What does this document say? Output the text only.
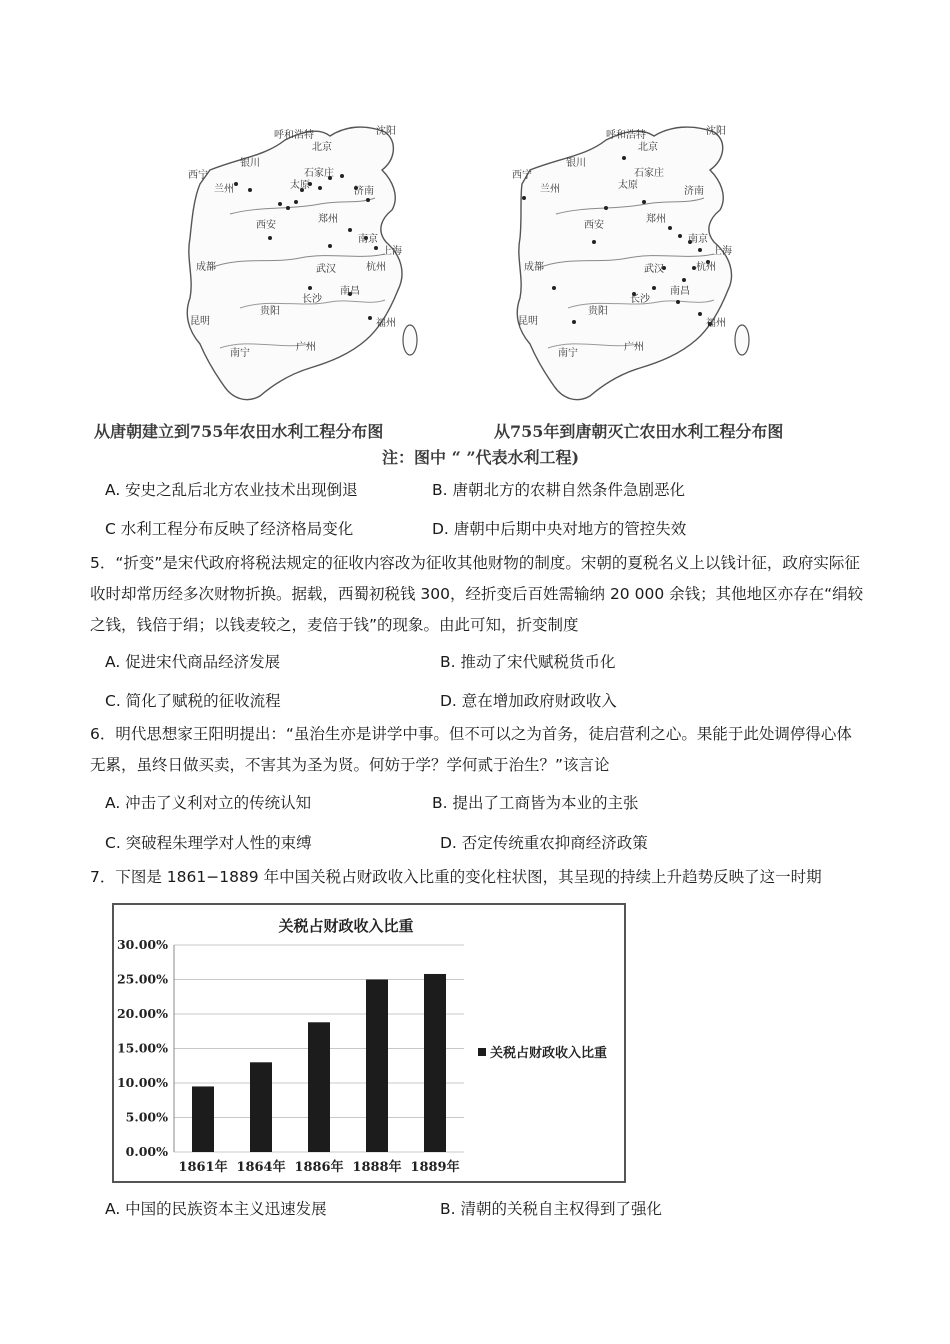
呼和浩特
北京
沈阳
银川
石家庄
太原
济南
兰州
西宁
西安
郑州
成都	武汉
南京
上海
杭州
长沙
南昌
贵阳
福州
昆明
南宁
广州
呼和浩特
北京
沈阳
银川
石家庄
太原
济南
兰州
西宁
西安
郑州
成都	武汉
南京
上海
杭州
长沙
南昌
贵阳
福州
昆明
南宁
广州
从唐朝建立到755年农田水利工程分布图	从755年到唐朝灭亡农田水利工程分布图
注：图中 “ ”代表水利工程)
A. 安史之乱后北方农业技术出现倒退	B. 唐朝北方的农耕自然条件急剧恶化
C 水利工程分布反映了经济格局变化	D. 唐朝中后期中央对地方的管控失效
5．“折变”是宋代政府将税法规定的征收内容改为征收其他财物的制度。宋朝的夏税名义上以钱计征，政府实际征收时却常历经多次财物折换。据载，西蜀初税钱 300，经折变后百姓需输纳 20 000 余钱；其他地区亦存在“绢较之钱，钱倍于绢；以钱麦较之，麦倍于钱”的现象。由此可知，折变制度
A. 促进宋代商品经济发展	B. 推动了宋代赋税货币化
C. 简化了赋税的征收流程	D. 意在增加政府财政收入
6．明代思想家王阳明提出：“虽治生亦是讲学中事。但不可以之为首务，徒启营利之心。果能于此处调停得心体无累，虽终日做买卖，不害其为圣为贤。何妨于学？学何贰于治生？”该言论
A. 冲击了义利对立的传统认知	B. 提出了工商皆为本业的主张
C. 突破程朱理学对人性的束缚	D. 否定传统重农抑商经济政策
7．下图是 1861−1889 年中国关税占财政收入比重的变化柱状图，其呈现的持续上升趋势反映了这一时期
关税占财政收入比重
0.00%
5.00%
10.00%
15.00%
20.00%
25.00%
30.00%
1861年 1864年 1886年 1888年 1889年
关税占财政收入比重
A. 中国的民族资本主义迅速发展	B. 清朝的关税自主权得到了强化
